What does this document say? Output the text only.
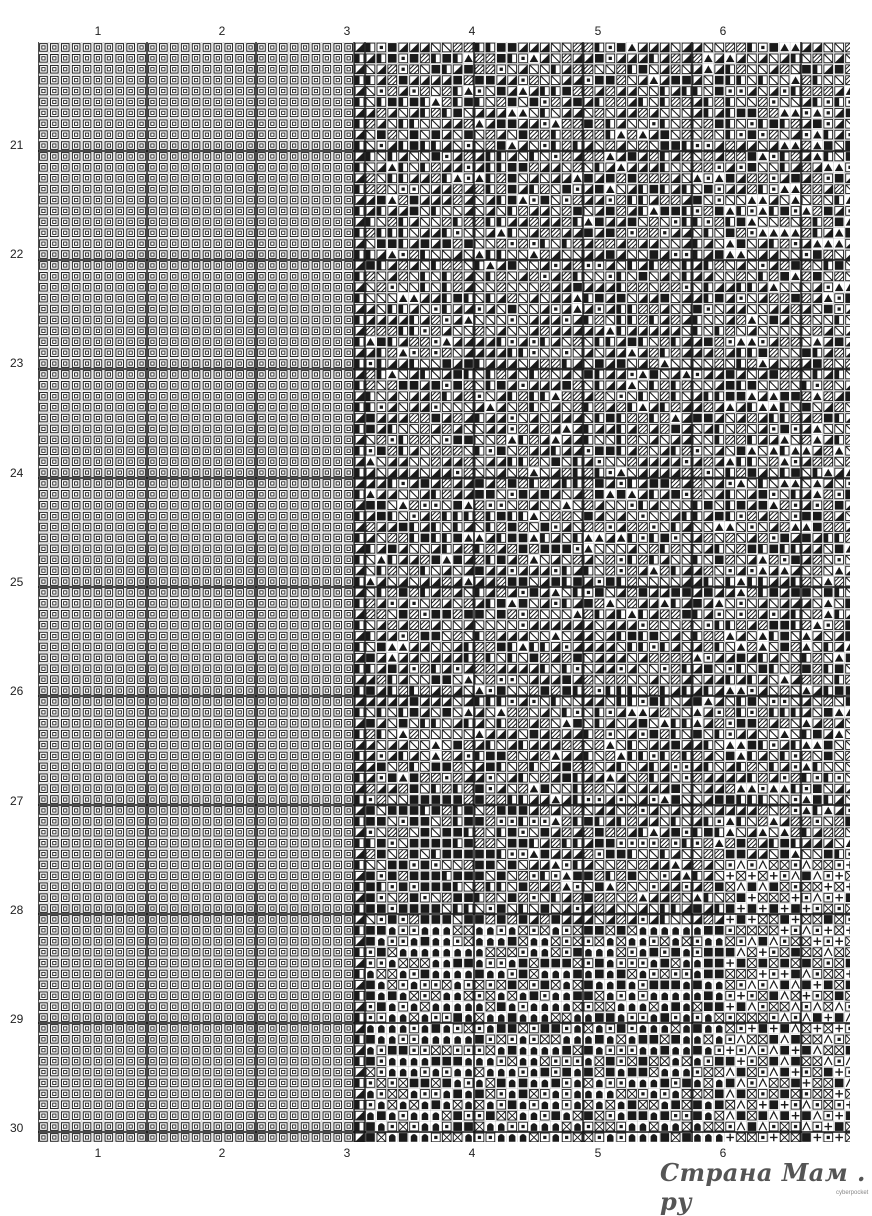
1	2	3	4	5	6
21
22
23
24
25
26
27
28
29
30
1	2	3	4	5	6
Страна Мам . ру	cyberpocket
